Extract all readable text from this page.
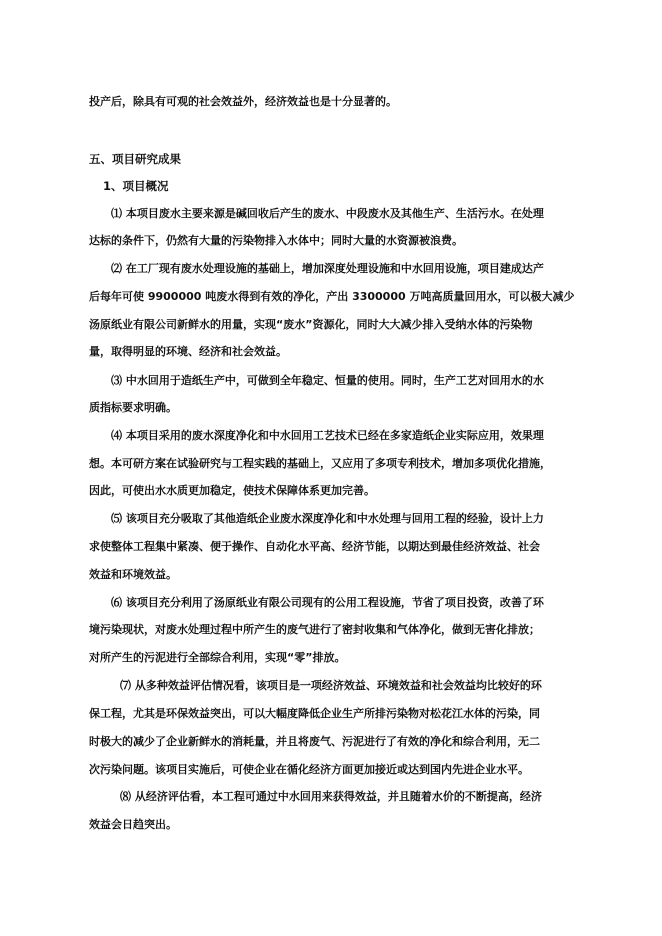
投产后，除具有可观的社会效益外，经济效益也是十分显著的。
五、项目研究成果
1、项目概况
⑴ 本项目废水主要来源是碱回收后产生的废水、中段废水及其他生产、生活污水。在处理
达标的条件下，仍然有大量的污染物排入水体中；同时大量的水资源被浪费。
⑵ 在工厂现有废水处理设施的基础上，增加深度处理设施和中水回用设施，项目建成达产
后每年可使 9900000 吨废水得到有效的净化，产出 3300000 万吨高质量回用水，可以极大减少
汤原纸业有限公司新鲜水的用量，实现“废水”资源化，同时大大减少排入受纳水体的污染物
量，取得明显的环境、经济和社会效益。
⑶ 中水回用于造纸生产中，可做到全年稳定、恒量的使用。同时，生产工艺对回用水的水
质指标要求明确。
⑷ 本项目采用的废水深度净化和中水回用工艺技术已经在多家造纸企业实际应用，效果理
想。本可研方案在试验研究与工程实践的基础上，又应用了多项专利技术，增加多项优化措施，
因此，可使出水水质更加稳定，使技术保障体系更加完善。
⑸ 该项目充分吸取了其他造纸企业废水深度净化和中水处理与回用工程的经验，设计上力
求使整体工程集中紧凑、便于操作、自动化水平高、经济节能，以期达到最佳经济效益、社会
效益和环境效益。
⑹ 该项目充分利用了汤原纸业有限公司现有的公用工程设施，节省了项目投资，改善了环
境污染现状，对废水处理过程中所产生的废气进行了密封收集和气体净化，做到无害化排放；
对所产生的污泥进行全部综合利用，实现“零”排放。
⑺ 从多种效益评估情况看，该项目是一项经济效益、环境效益和社会效益均比较好的环
保工程，尤其是环保效益突出，可以大幅度降低企业生产所排污染物对松花江水体的污染，同
时极大的减少了企业新鲜水的消耗量，并且将废气、污泥进行了有效的净化和综合利用，无二
次污染问题。该项目实施后，可使企业在循化经济方面更加接近或达到国内先进企业水平。
⑻ 从经济评估看，本工程可通过中水回用来获得效益，并且随着水价的不断提高，经济
效益会日趋突出。
